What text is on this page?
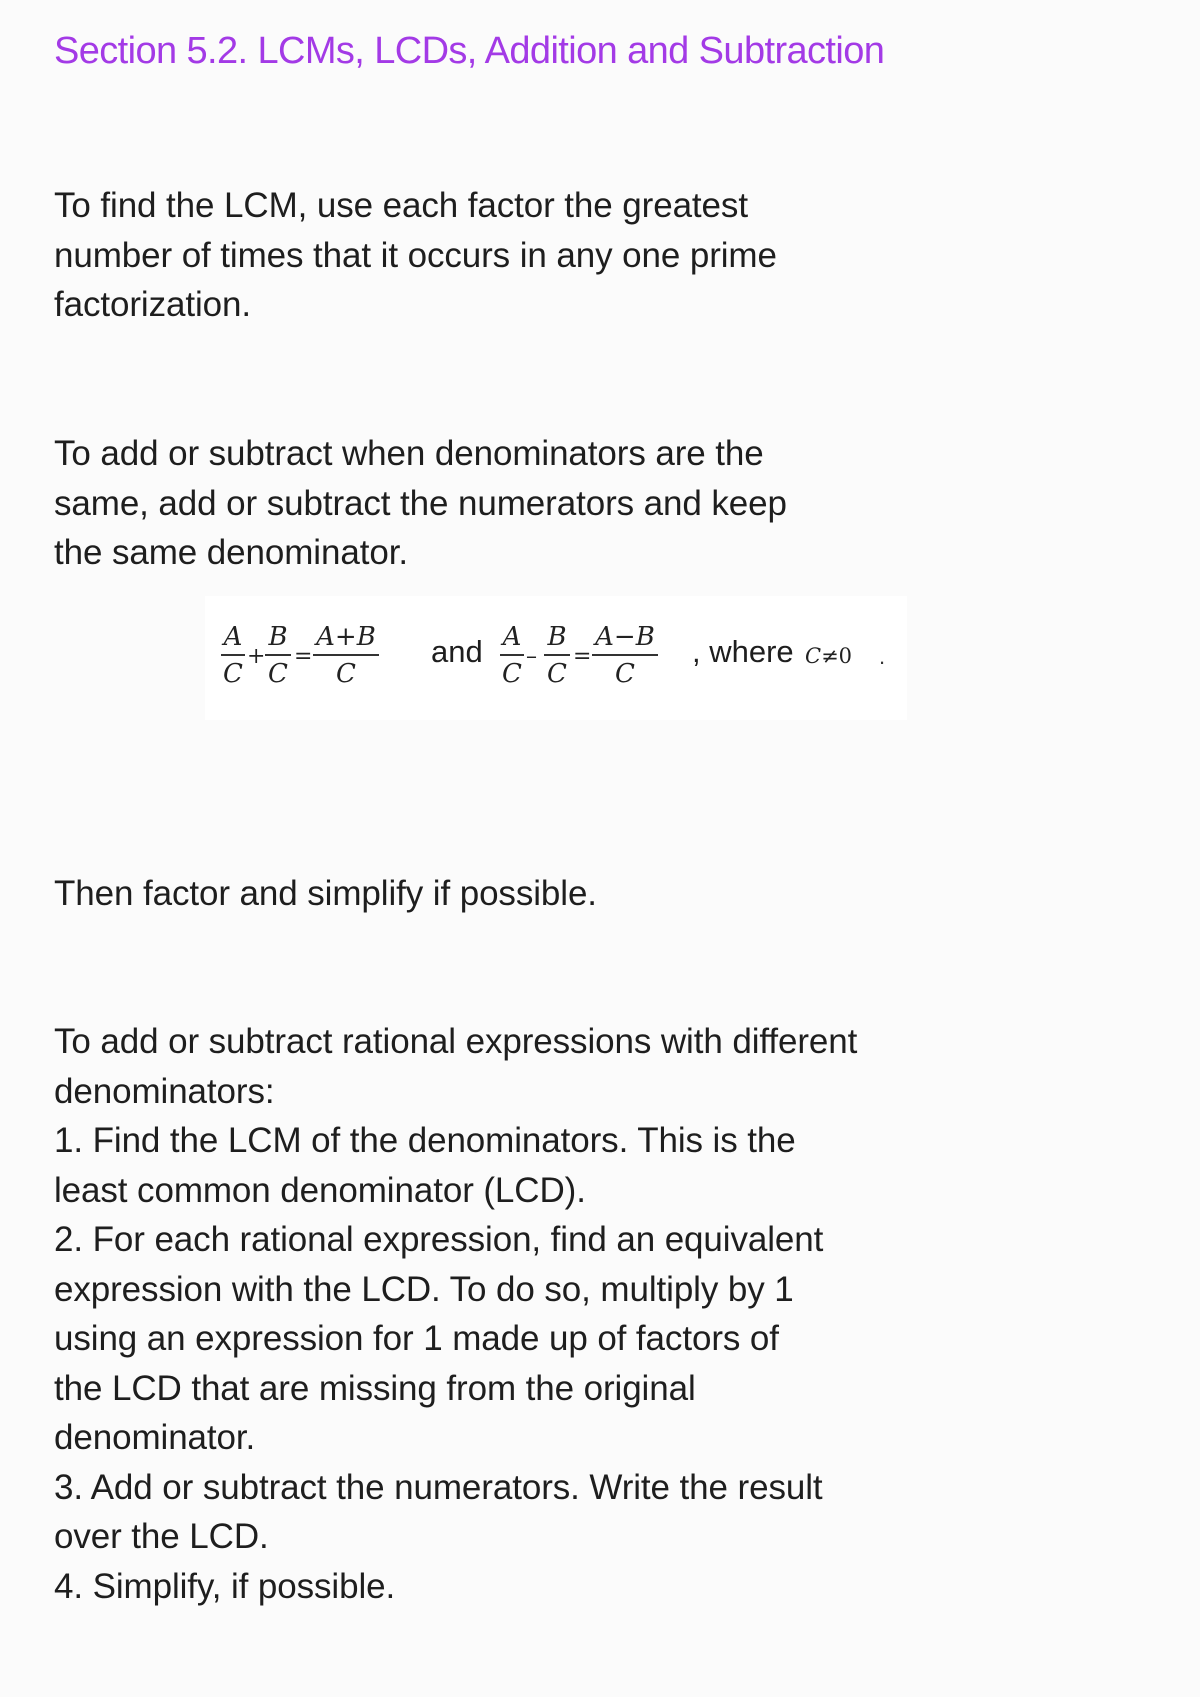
Section 5.2. LCMs, LCDs, Addition and Subtraction

To find the LCM, use each factor the greatest
number of times that it occurs in any one prime
factorization.

To add or subtract when denominators are the
same, add or subtract the numerators and keep
the same denominator.

A
C
+
B
C
=
A+B
C
and A
C
–
B
C
=
A−B
C
, where C≠0 .

Then factor and simplify if possible.

To add or subtract rational expressions with different
denominators:
1. Find the LCM of the denominators. This is the
least common denominator (LCD).
2. For each rational expression, find an equivalent
expression with the LCD. To do so, multiply by 1
using an expression for 1 made up of factors of
the LCD that are missing from the original
denominator.
3. Add or subtract the numerators. Write the result
over the LCD.
4. Simplify, if possible.
